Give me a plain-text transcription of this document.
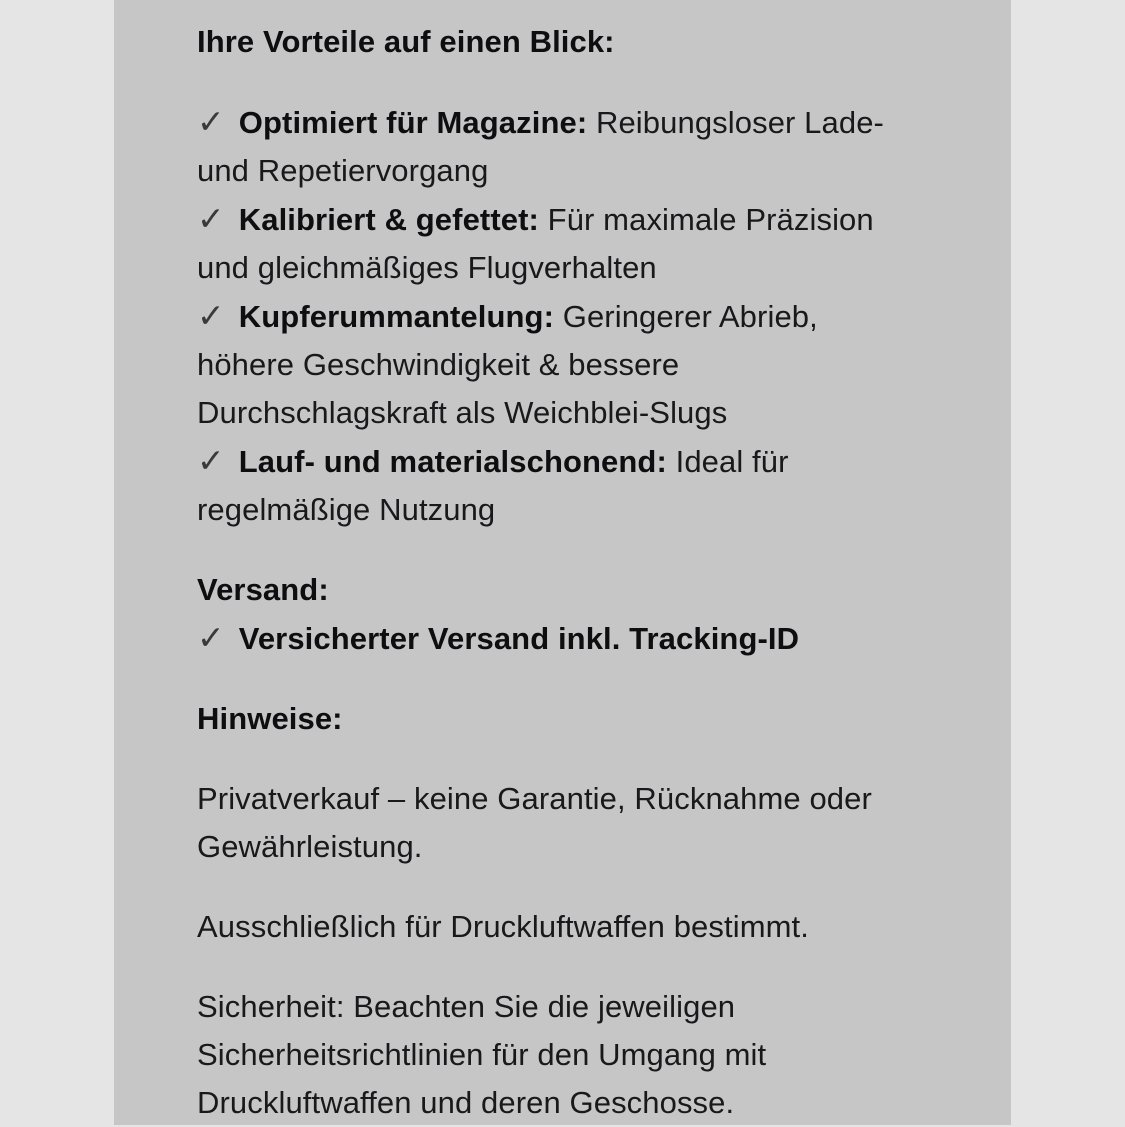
Ihre Vorteile auf einen Blick:
✓ Optimiert für Magazine: Reibungsloser Lade- und Repetiervorgang
✓ Kalibriert & gefettet: Für maximale Präzision und gleichmäßiges Flugverhalten
✓ Kupferummantelung: Geringerer Abrieb, höhere Geschwindigkeit & bessere Durchschlagskraft als Weichblei-Slugs
✓ Lauf- und materialschonend: Ideal für regelmäßige Nutzung
Versand:
✓ Versicherter Versand inkl. Tracking-ID
Hinweise:
Privatverkauf – keine Garantie, Rücknahme oder Gewährleistung.
Ausschließlich für Druckluftwaffen bestimmt.
Sicherheit: Beachten Sie die jeweiligen Sicherheitsrichtlinien für den Umgang mit Druckluftwaffen und deren Geschosse.
